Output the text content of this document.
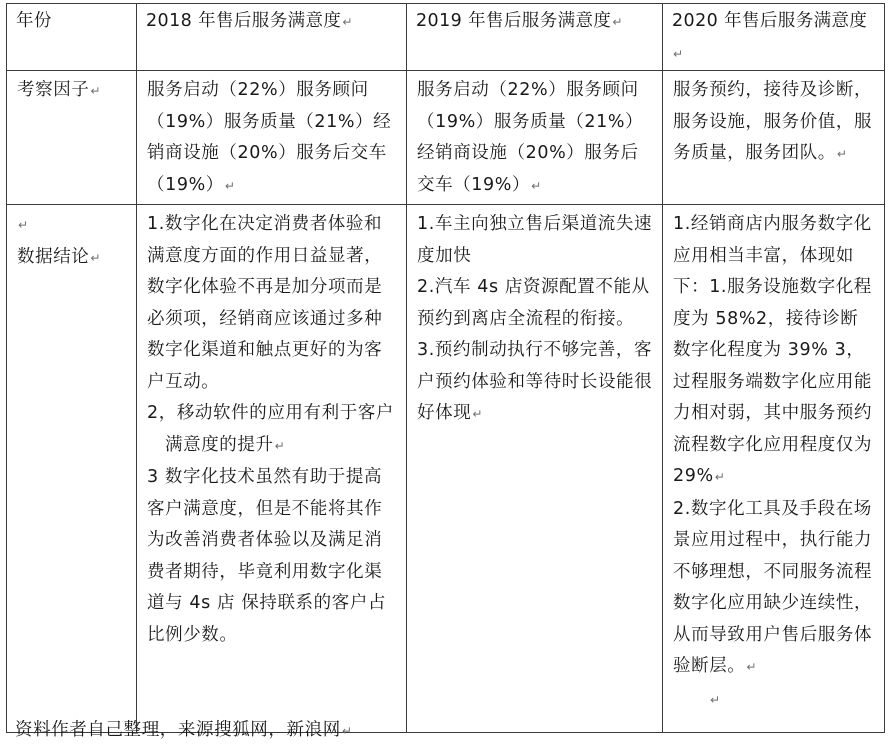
年份	2018 年售后服务满意度↵	2019 年售后服务满意度↵	2020 年售后服务满意度↵

考察因子↵	服务启动（22%）服务顾问（19%）服务质量（21%）经销商设施（20%）服务后交车（19%）↵	服务启动（22%）服务顾问（19%）服务质量（21%）经销商设施（20%）服务后交车（19%）↵	服务预约，接待及诊断，服务设施，服务价值，服务质量，服务团队。↵

↵
数据结论↵	1.数字化在决定消费者体验和满意度方面的作用日益显著，数字化体验不再是加分项而是必须项，经销商应该通过多种数字化渠道和触点更好的为客户互动。
2，移动软件的应用有利于客户满意度的提升↵
3 数字化技术虽然有助于提高客户满意度，但是不能将其作为改善消费者体验以及满足消费者期待，毕竟利用数字化渠道与 4s 店 保持联系的客户占比例少数。	1.车主向独立售后渠道流失速度加快
2.汽车 4s 店资源配置不能从预约到离店全流程的衔接。
3.预约制动执行不够完善，客户预约体验和等待时长设能很好体现↵	1.经销商店内服务数字化应用相当丰富，体现如下：1.服务设施数字化程度为 58%2，接待诊断数字化程度为 39% 3，过程服务端数字化应用能力相对弱，其中服务预约流程数字化应用程度仅为 29%↵
2.数字化工具及手段在场景应用过程中，执行能力不够理想，不同服务流程数字化应用缺少连续性，从而导致用户售后服务体验断层。↵
↵
资料作者自己整理，来源搜狐网，新浪网↵
